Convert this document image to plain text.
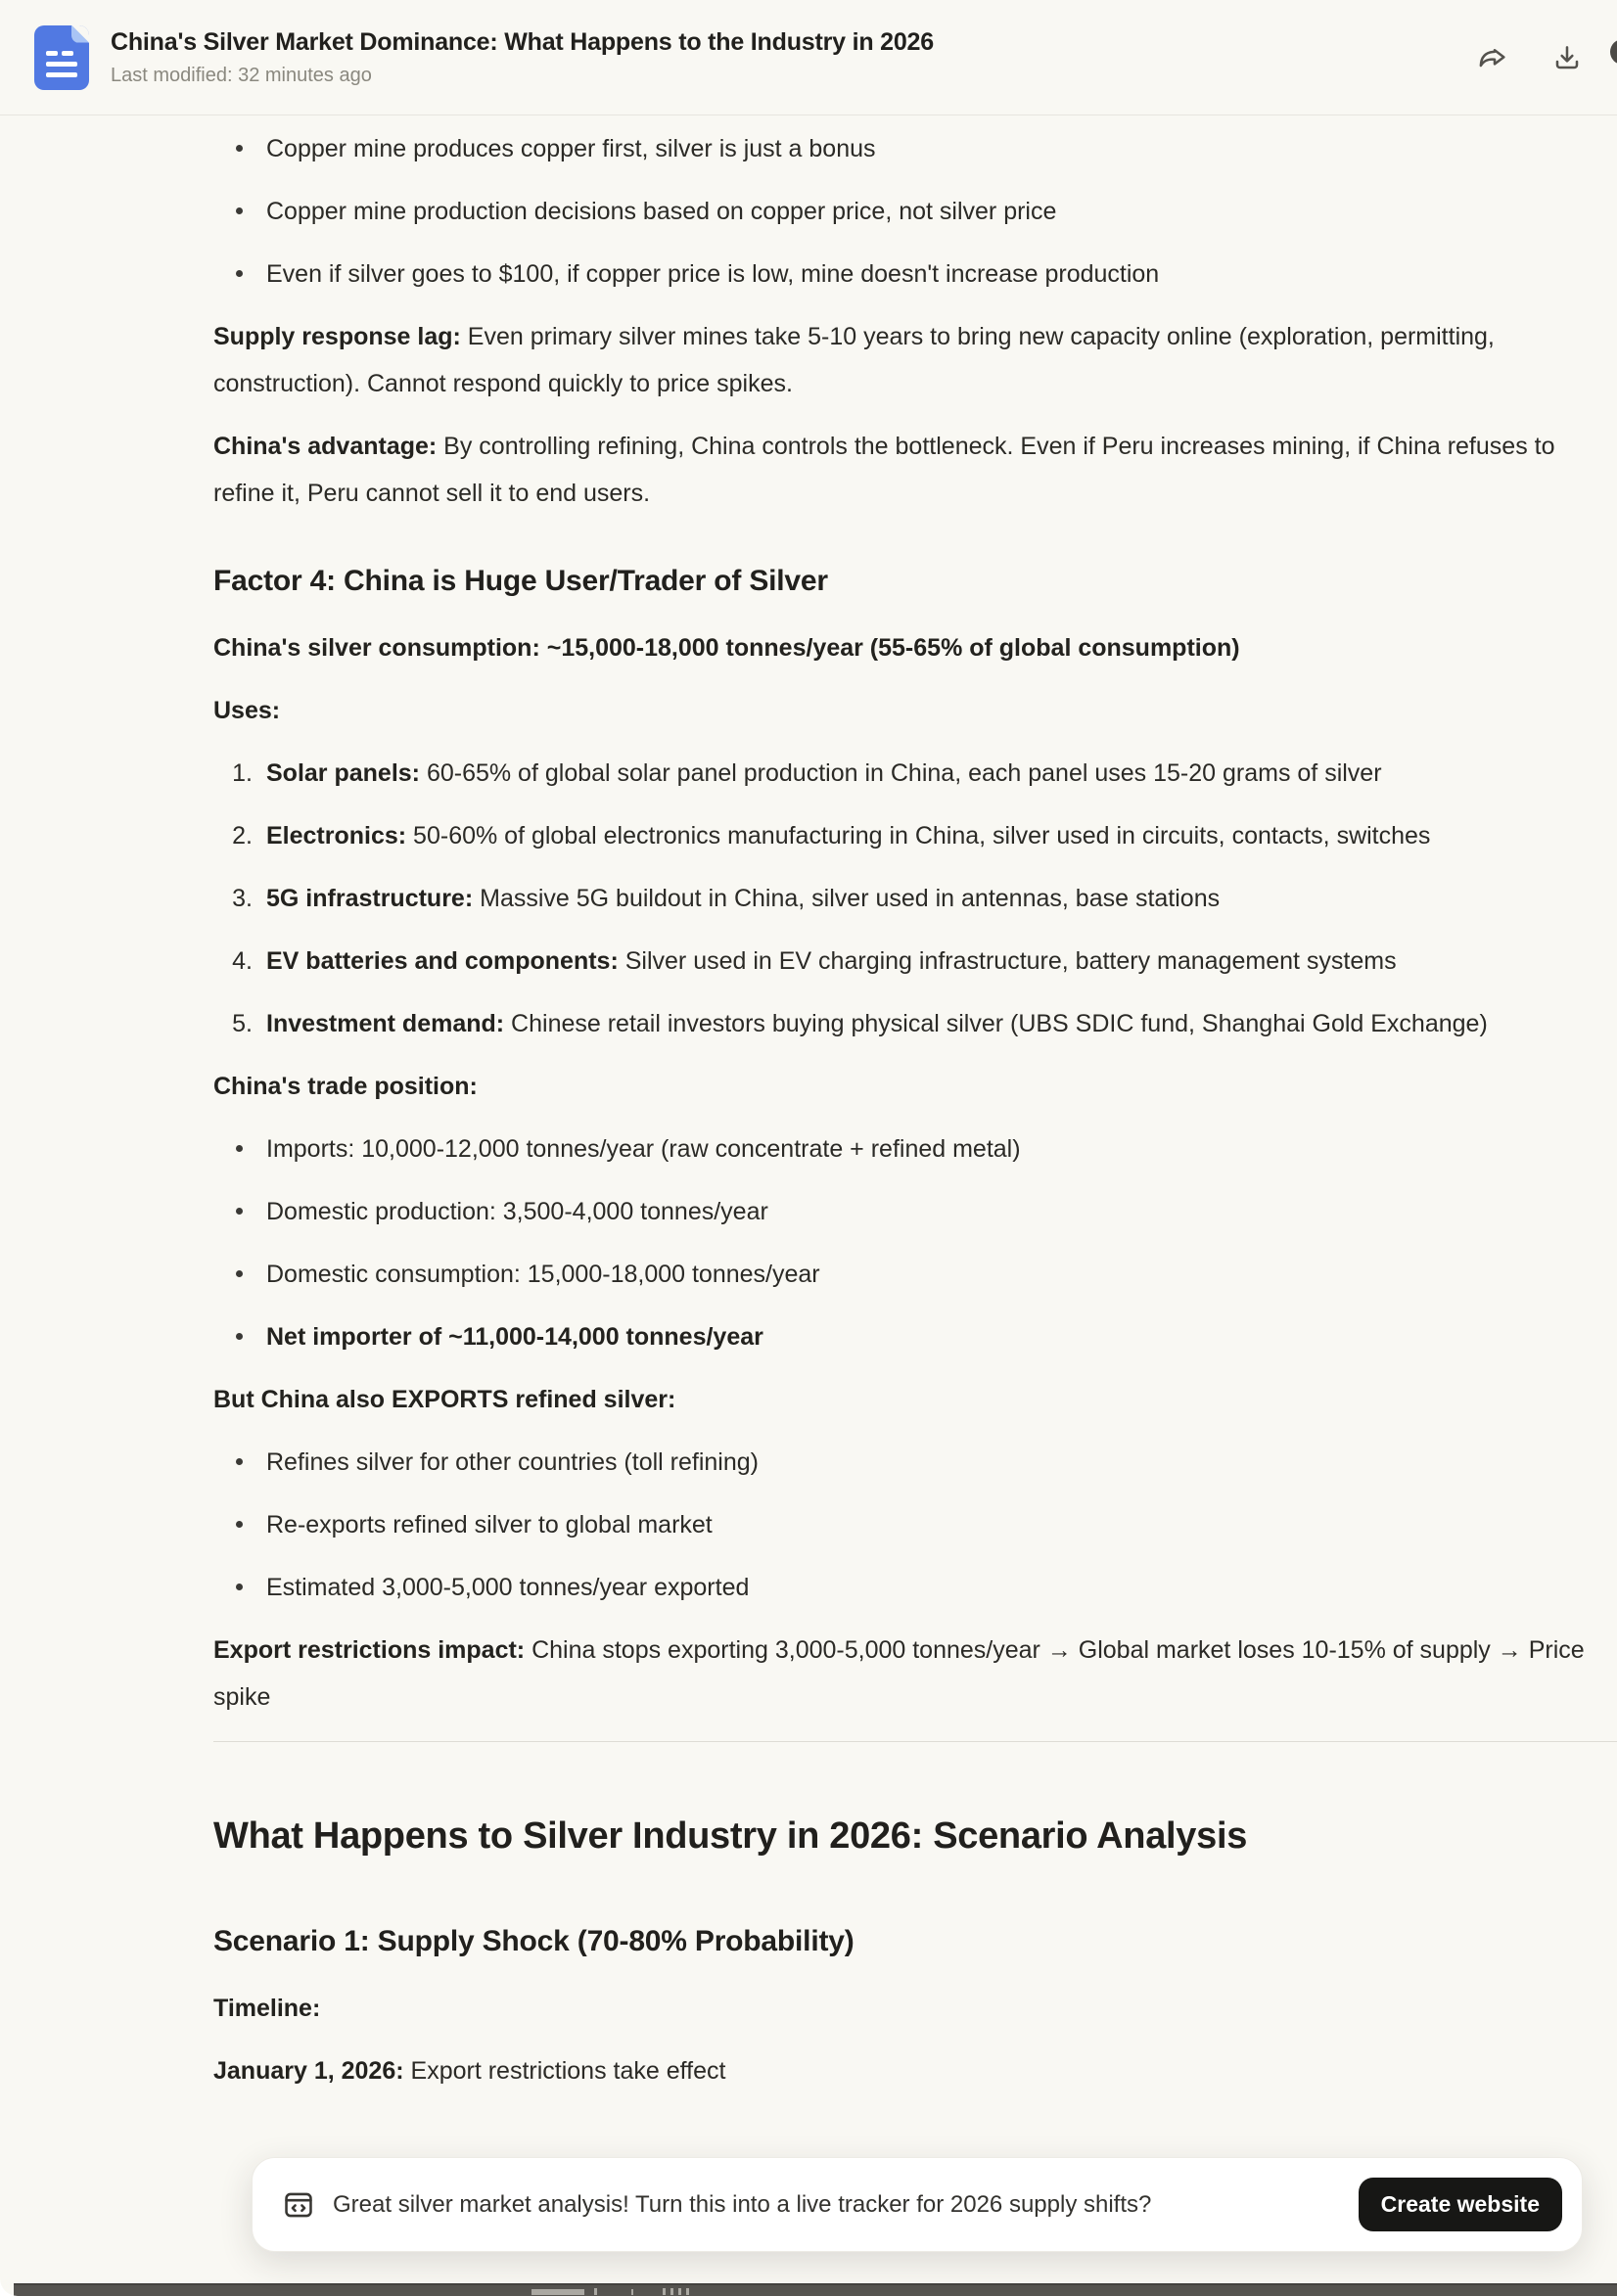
China's Silver Market Dominance: What Happens to the Industry in 2026
Last modified: 32 minutes ago
Copper mine produces copper first, silver is just a bonus
Copper mine production decisions based on copper price, not silver price
Even if silver goes to $100, if copper price is low, mine doesn't increase production

Supply response lag: Even primary silver mines take 5-10 years to bring new capacity online (exploration, permitting, construction). Cannot respond quickly to price spikes.

China's advantage: By controlling refining, China controls the bottleneck. Even if Peru increases mining, if China refuses to refine it, Peru cannot sell it to end users.

Factor 4: China is Huge User/Trader of Silver

China's silver consumption: ~15,000-18,000 tonnes/year (55-65% of global consumption)

Uses:

Solar panels: 60-65% of global solar panel production in China, each panel uses 15-20 grams of silver
Electronics: 50-60% of global electronics manufacturing in China, silver used in circuits, contacts, switches
5G infrastructure: Massive 5G buildout in China, silver used in antennas, base stations
EV batteries and components: Silver used in EV charging infrastructure, battery management systems
Investment demand: Chinese retail investors buying physical silver (UBS SDIC fund, Shanghai Gold Exchange)

China's trade position:

Imports: 10,000-12,000 tonnes/year (raw concentrate + refined metal)
Domestic production: 3,500-4,000 tonnes/year
Domestic consumption: 15,000-18,000 tonnes/year
Net importer of ~11,000-14,000 tonnes/year

But China also EXPORTS refined silver:

Refines silver for other countries (toll refining)
Re-exports refined silver to global market
Estimated 3,000-5,000 tonnes/year exported

Export restrictions impact: China stops exporting 3,000-5,000 tonnes/year → Global market loses 10-15% of supply → Price spike

What Happens to Silver Industry in 2026: Scenario Analysis
Scenario 1: Supply Shock (70-80% Probability)

Timeline:

January 1, 2026: Export restrictions take effect

Great silver market analysis! Turn this into a live tracker for 2026 supply shifts?	Create website
